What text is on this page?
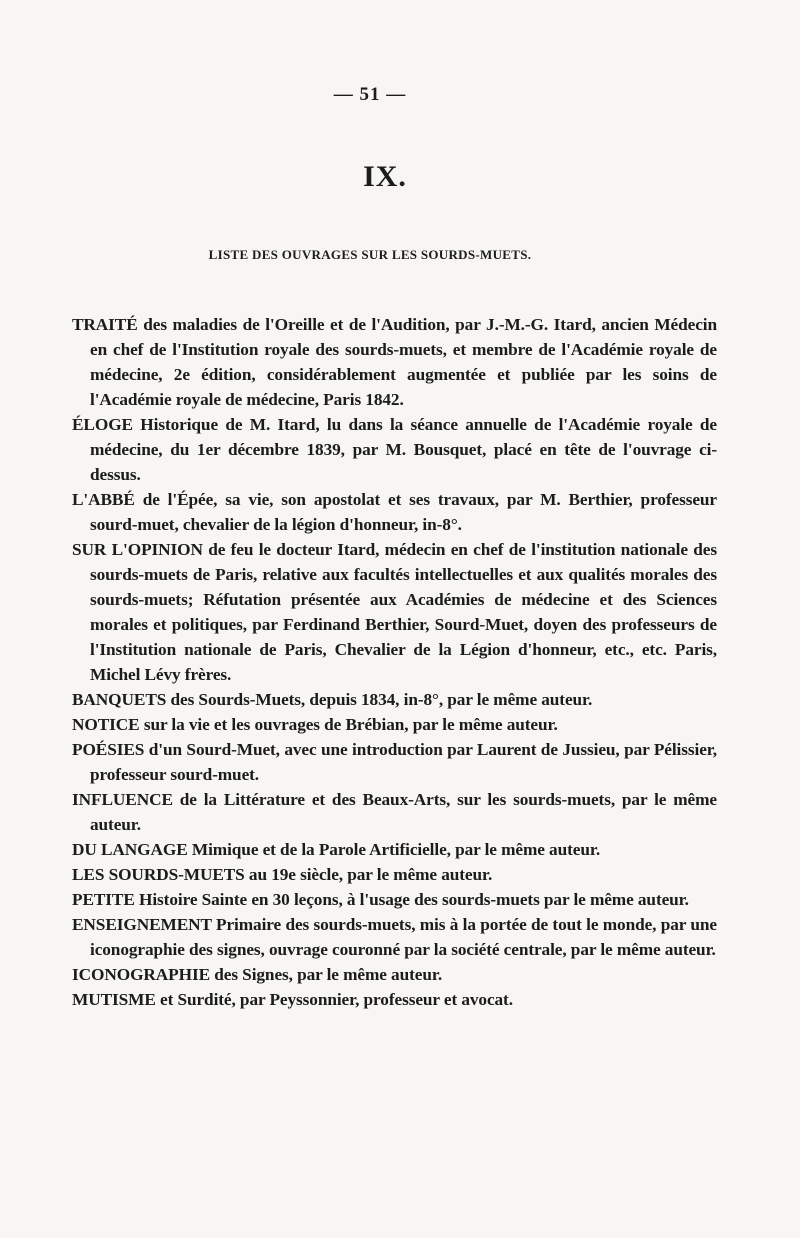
— 51 —
IX.
LISTE DES OUVRAGES SUR LES SOURDS-MUETS.

TRAITÉ des maladies de l'Oreille et de l'Audition, par J.-M.-G. Itard, ancien Médecin en chef de l'Institution royale des sourds-muets, et membre de l'Académie royale de médecine, 2e édition, considérablement augmentée et publiée par les soins de l'Académie royale de médecine, Paris 1842.

ÉLOGE Historique de M. Itard, lu dans la séance annuelle de l'Académie royale de médecine, du 1er décembre 1839, par M. Bousquet, placé en tête de l'ouvrage ci-dessus.

L'ABBÉ de l'Épée, sa vie, son apostolat et ses travaux, par M. Berthier, professeur sourd-muet, chevalier de la légion d'honneur, in-8°.

SUR L'OPINION de feu le docteur Itard, médecin en chef de l'institution nationale des sourds-muets de Paris, relative aux facultés intellectuelles et aux qualités morales des sourds-muets; Réfutation présentée aux Académies de médecine et des Sciences morales et politiques, par Ferdinand Berthier, Sourd-Muet, doyen des professeurs de l'Institution nationale de Paris, Chevalier de la Légion d'honneur, etc., etc. Paris, Michel Lévy frères.

BANQUETS des Sourds-Muets, depuis 1834, in-8°, par le même auteur.

NOTICE sur la vie et les ouvrages de Brébian, par le même auteur.

POÉSIES d'un Sourd-Muet, avec une introduction par Laurent de Jussieu, par Pélissier, professeur sourd-muet.

INFLUENCE de la Littérature et des Beaux-Arts, sur les sourds-muets, par le même auteur.

DU LANGAGE Mimique et de la Parole Artificielle, par le même auteur.

LES SOURDS-MUETS au 19e siècle, par le même auteur.

PETITE Histoire Sainte en 30 leçons, à l'usage des sourds-muets par le même auteur.

ENSEIGNEMENT Primaire des sourds-muets, mis à la portée de tout le monde, par une iconographie des signes, ouvrage couronné par la société centrale, par le même auteur.

ICONOGRAPHIE des Signes, par le même auteur.

MUTISME et Surdité, par Peyssonnier, professeur et avocat.
